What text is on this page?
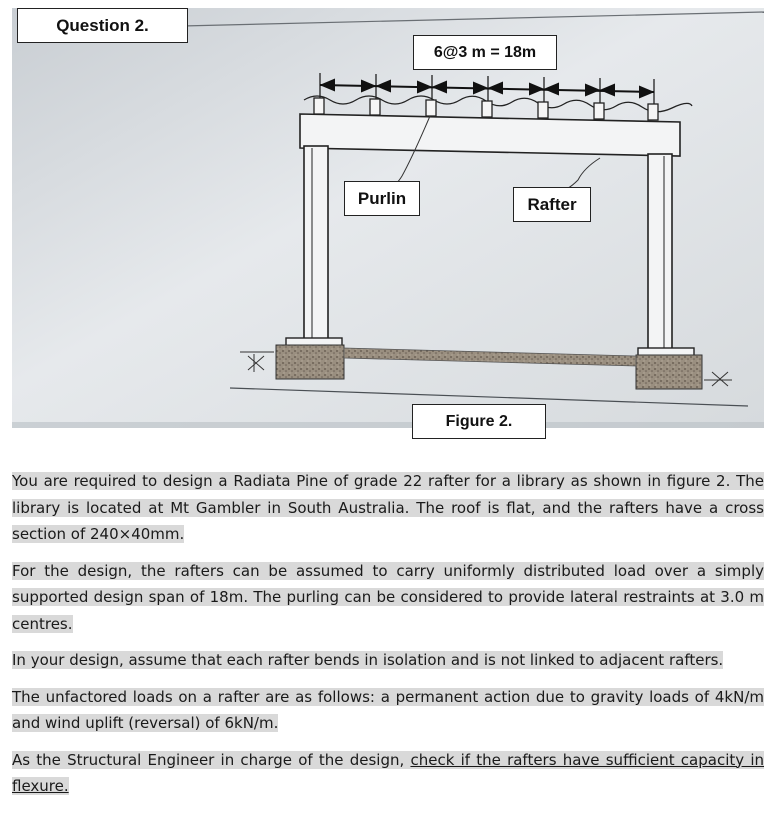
Question 2.
6@3 m = 18m
Purlin	Rafter
Figure 2.

You are required to design a Radiata Pine of grade 22 rafter for a library as shown in figure 2. The library is located at Mt Gambler in South Australia. The roof is flat, and the rafters have a cross section of 240×40mm.

For the design, the rafters can be assumed to carry uniformly distributed load over a simply supported design span of 18m. The purling can be considered to provide lateral restraints at 3.0 m centres.

In your design, assume that each rafter bends in isolation and is not linked to adjacent rafters.

The unfactored loads on a rafter are as follows: a permanent action due to gravity loads of 4kN/m and wind uplift (reversal) of 6kN/m.

As the Structural Engineer in charge of the design, check if the rafters have sufficient capacity in flexure.
